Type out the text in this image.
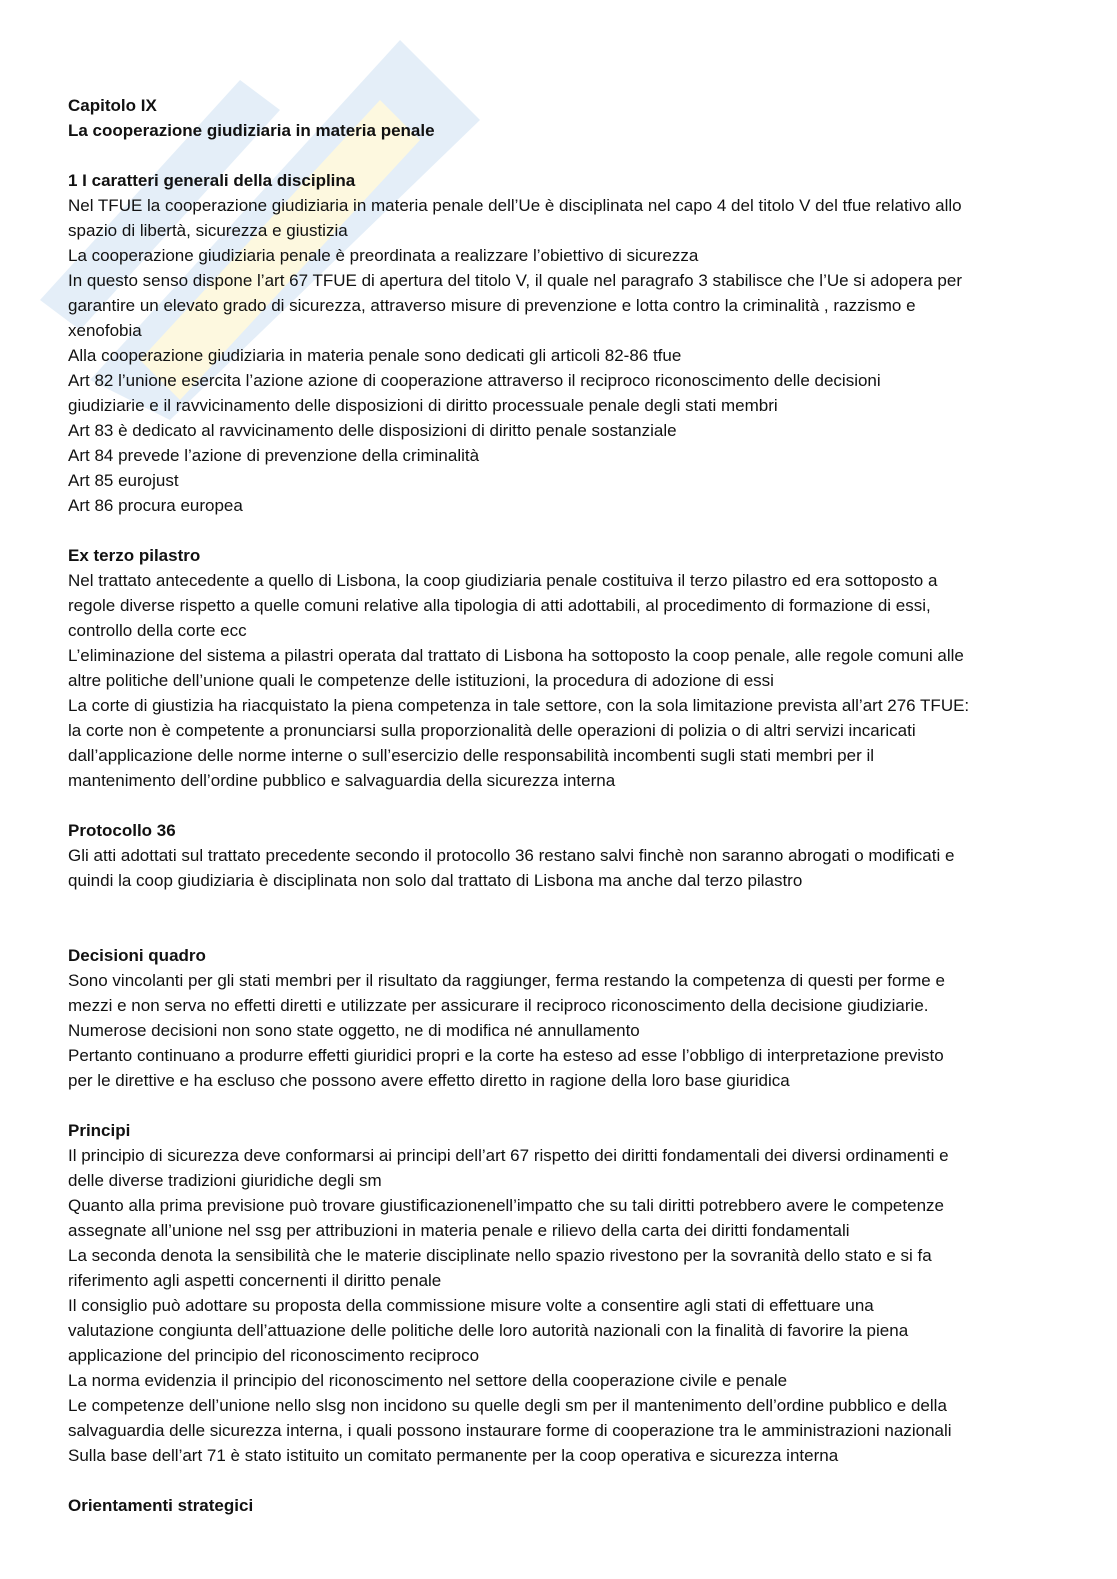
Capitolo IX

La cooperazione giudiziaria in materia penale

1 I caratteri generali della disciplina

Nel TFUE la cooperazione giudiziaria in materia penale dell’Ue è disciplinata nel capo 4 del titolo V del tfue relativo allo

spazio di libertà, sicurezza e giustizia

La cooperazione giudiziaria penale è preordinata a realizzare l’obiettivo di sicurezza

In questo senso dispone l’art 67 TFUE di apertura del titolo V, il quale nel paragrafo 3 stabilisce che l’Ue si adopera per

garantire un elevato grado di sicurezza, attraverso misure di prevenzione e lotta contro la criminalità , razzismo e

xenofobia

Alla cooperazione giudiziaria in materia penale sono dedicati gli articoli 82-86 tfue

Art 82 l’unione esercita l’azione azione di cooperazione attraverso il reciproco riconoscimento delle decisioni

giudiziarie e il ravvicinamento delle disposizioni di diritto processuale penale degli stati membri

Art 83 è dedicato al ravvicinamento delle disposizioni di diritto penale sostanziale

Art 84 prevede l’azione di prevenzione della criminalità

Art 85 eurojust

Art 86 procura europea

Ex terzo pilastro

Nel trattato antecedente a quello di Lisbona, la coop giudiziaria penale costituiva il terzo pilastro ed era sottoposto a

regole diverse rispetto a quelle comuni relative alla tipologia di atti adottabili, al procedimento di formazione di essi,

controllo della corte ecc

L’eliminazione del sistema a pilastri operata dal trattato di Lisbona ha sottoposto la coop penale, alle regole comuni alle

altre politiche dell’unione quali le competenze delle istituzioni, la procedura di adozione di essi

La corte di giustizia ha riacquistato la piena competenza in tale settore, con la sola limitazione prevista all’art 276 TFUE:

la corte non è competente a pronunciarsi sulla proporzionalità delle operazioni di polizia o di altri servizi incaricati

dall’applicazione delle norme interne o sull’esercizio delle responsabilità incombenti sugli stati membri per il

mantenimento dell’ordine pubblico e salvaguardia della sicurezza interna

Protocollo 36

Gli atti adottati sul trattato precedente secondo il protocollo 36 restano salvi finchè non saranno abrogati o modificati e

quindi la coop giudiziaria è disciplinata non solo dal trattato di Lisbona ma anche dal terzo pilastro

Decisioni quadro

Sono vincolanti per gli stati membri per il risultato da raggiunger, ferma restando la competenza di questi per forme e

mezzi e non serva no effetti diretti e utilizzate per assicurare il reciproco riconoscimento della decisione giudiziarie.

Numerose decisioni non sono state oggetto, ne di modifica né annullamento

Pertanto continuano a produrre effetti giuridici propri e la corte ha esteso ad esse l’obbligo di interpretazione previsto

per le direttive e ha escluso che possono avere effetto diretto in ragione della loro base giuridica

Principi

Il principio di sicurezza deve conformarsi ai principi dell’art 67 rispetto dei diritti fondamentali dei diversi ordinamenti e

delle diverse tradizioni giuridiche degli sm

Quanto alla prima previsione può trovare giustificazionenell’impatto che su tali diritti potrebbero avere le competenze

assegnate all’unione nel ssg per attribuzioni in materia penale e rilievo della carta dei diritti fondamentali

La seconda denota la sensibilità che le materie disciplinate nello spazio rivestono per la sovranità dello stato e si fa

riferimento agli aspetti concernenti il diritto penale

Il consiglio può adottare su proposta della commissione misure volte a consentire agli stati di effettuare una

valutazione congiunta dell’attuazione delle politiche delle loro autorità nazionali con la finalità di favorire la piena

applicazione del principio del riconoscimento reciproco

La norma evidenzia il principio del riconoscimento nel settore della cooperazione civile e penale

Le competenze dell’unione nello slsg non incidono su quelle degli sm per il mantenimento dell’ordine pubblico e della

salvaguardia delle sicurezza interna, i quali possono instaurare forme di cooperazione tra le amministrazioni nazionali

Sulla base dell’art 71 è stato istituito un comitato permanente per la coop operativa e sicurezza interna

Orientamenti strategici
